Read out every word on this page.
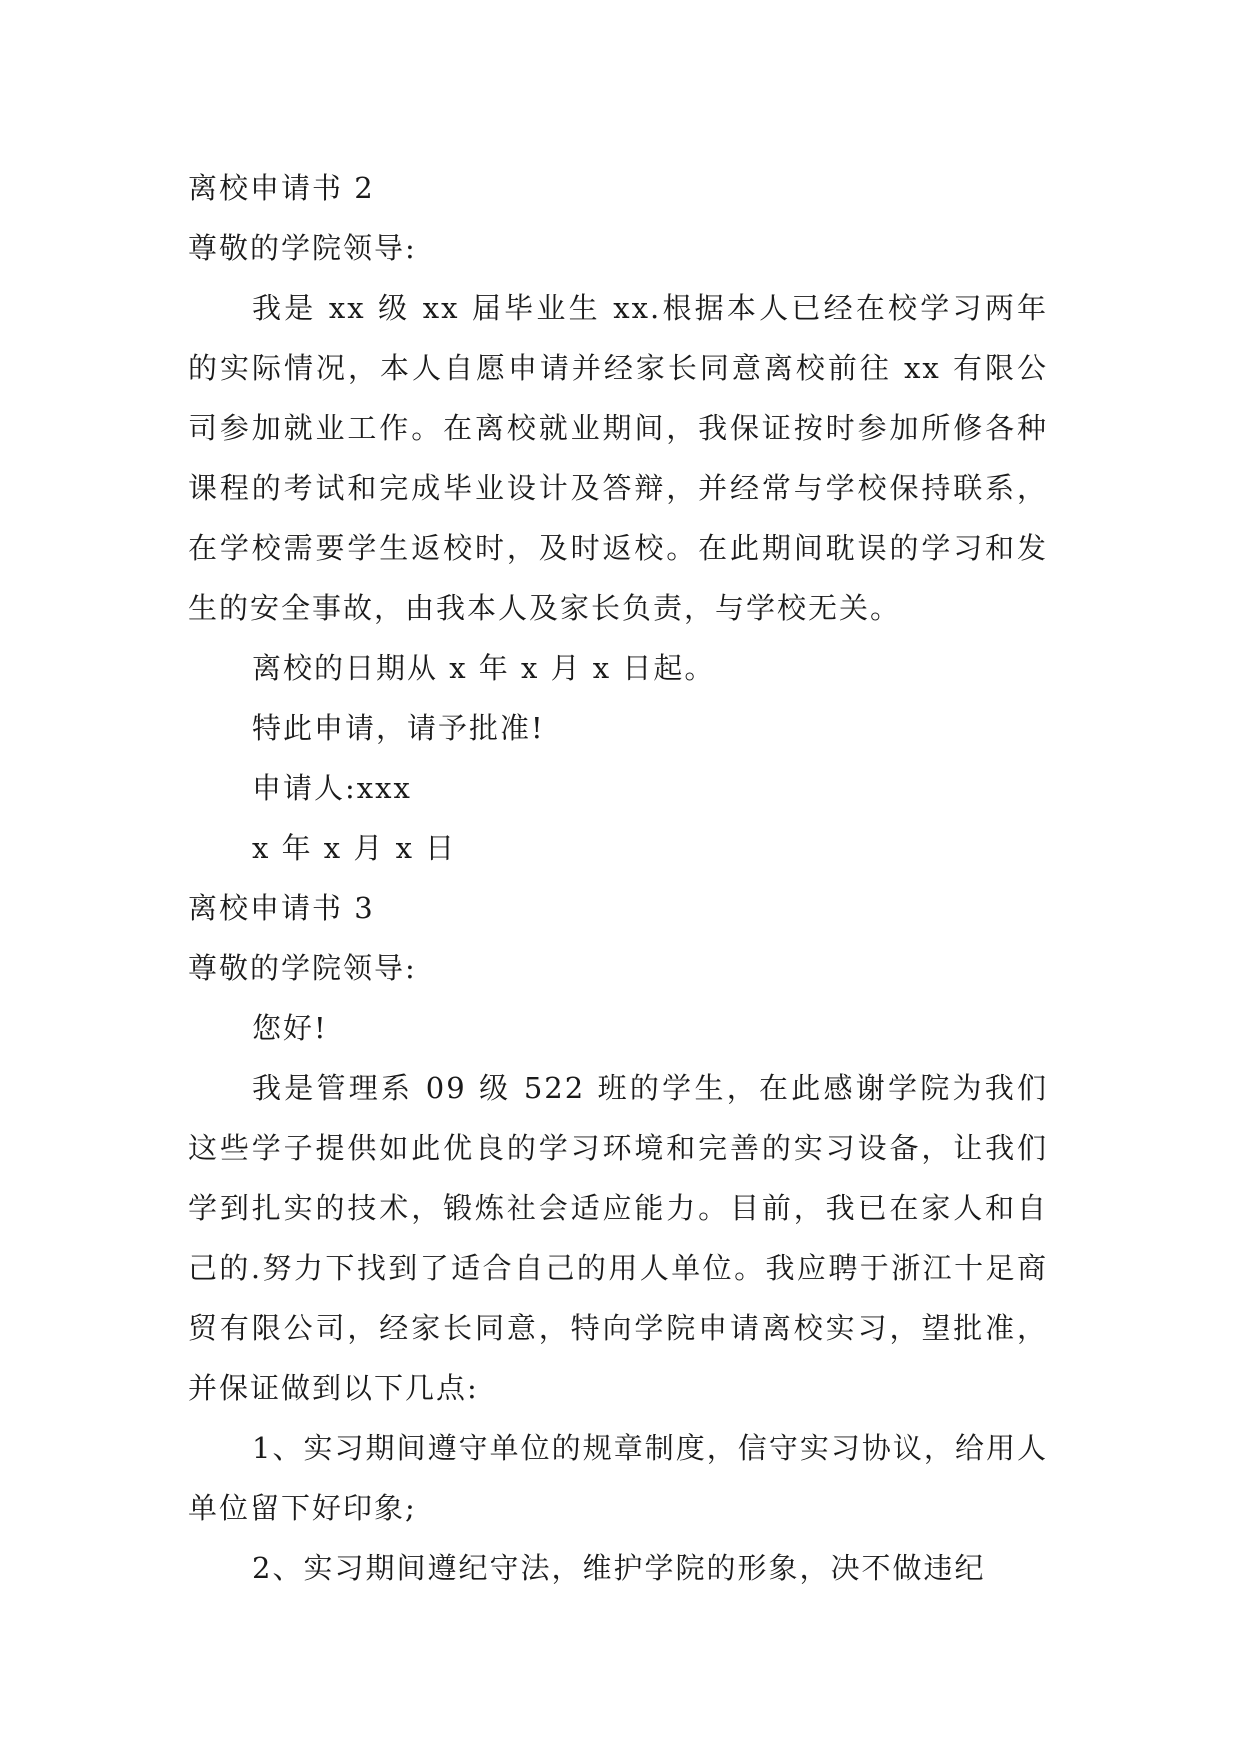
离校申请书 2

尊敬的学院领导:

我是 xx 级 xx 届毕业生 xx.根据本人已经在校学习两年的实际情况，本人自愿申请并经家长同意离校前往 xx 有限公司参加就业工作。在离校就业期间，我保证按时参加所修各种课程的考试和完成毕业设计及答辩，并经常与学校保持联系，在学校需要学生返校时，及时返校。在此期间耽误的学习和发生的安全事故，由我本人及家长负责，与学校无关。

离校的日期从 x 年 x 月 x 日起。

特此申请，请予批准!

申请人:xxx

x 年 x 月 x 日

离校申请书 3

尊敬的学院领导:

您好!

我是管理系 09 级 522 班的学生，在此感谢学院为我们这些学子提供如此优良的学习环境和完善的实习设备，让我们学到扎实的技术，锻炼社会适应能力。目前，我已在家人和自己的.努力下找到了适合自己的用人单位。我应聘于浙江十足商贸有限公司，经家长同意，特向学院申请离校实习，望批准，并保证做到以下几点:

1、实习期间遵守单位的规章制度，信守实习协议，给用人单位留下好印象;

2、实习期间遵纪守法，维护学院的形象，决不做违纪
